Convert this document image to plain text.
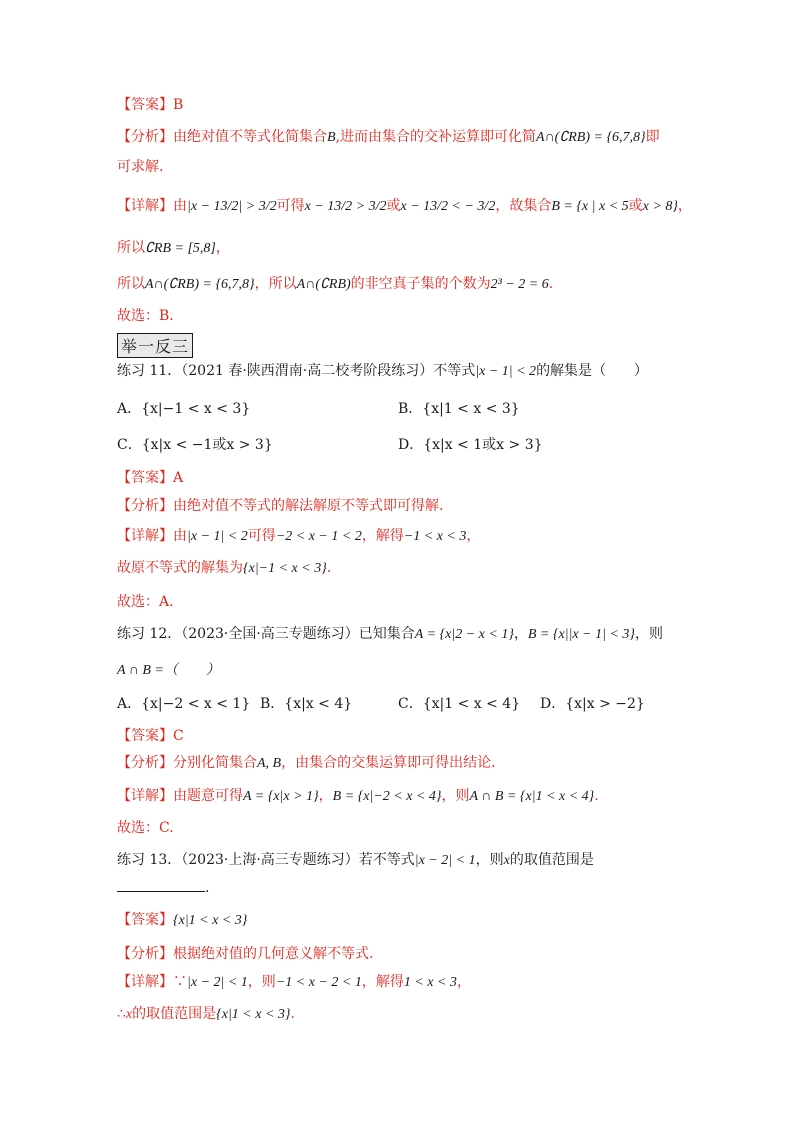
【答案】B
【分析】由绝对值不等式化简集合B,进而由集合的交补运算即可化简A∩(∁RB) = {6,7,8}即
可求解.
【详解】由|x − 13/2| > 3/2可得x − 13/2 > 3/2或x − 13/2 < − 3/2，故集合B = {x | x < 5或x > 8}，
所以∁RB = [5,8]，
所以A∩(∁RB) = {6,7,8}，所以A∩(∁RB)的非空真子集的个数为2³ − 2 = 6.
故选：B.
举一反三
练习 11．（2021 春·陕西渭南·高二校考阶段练习）不等式|x − 1| < 2的解集是（　　）
A．{x|−1 < x < 3}	B．{x|1 < x < 3}
C．{x|x < −1或x > 3}	D．{x|x < 1或x > 3}
【答案】A
【分析】由绝对值不等式的解法解原不等式即可得解.
【详解】由|x − 1| < 2可得−2 < x − 1 < 2，解得−1 < x < 3，
故原不等式的解集为{x|−1 < x < 3}.
故选：A.
练习 12．（2023·全国·高三专题练习）已知集合A = {x|2 − x < 1}，B = {x||x − 1| < 3}，则
A ∩ B =（　　）
A．{x|−2 < x < 1} B．{x|x < 4}	C．{x|1 < x < 4} D．{x|x > −2}
【答案】C
【分析】分别化简集合A, B，由集合的交集运算即可得出结论.
【详解】由题意可得A = {x|x > 1}，B = {x|−2 < x < 4}，则A ∩ B = {x|1 < x < 4}.
故选：C.
练习 13．（2023·上海·高三专题练习）若不等式|x − 2| < 1，则x的取值范围是
.
【答案】{x|1 < x < 3}
【分析】根据绝对值的几何意义解不等式.
【详解】∵|x − 2| < 1，则−1 < x − 2 < 1，解得1 < x < 3，
∴x的取值范围是{x|1 < x < 3}.
